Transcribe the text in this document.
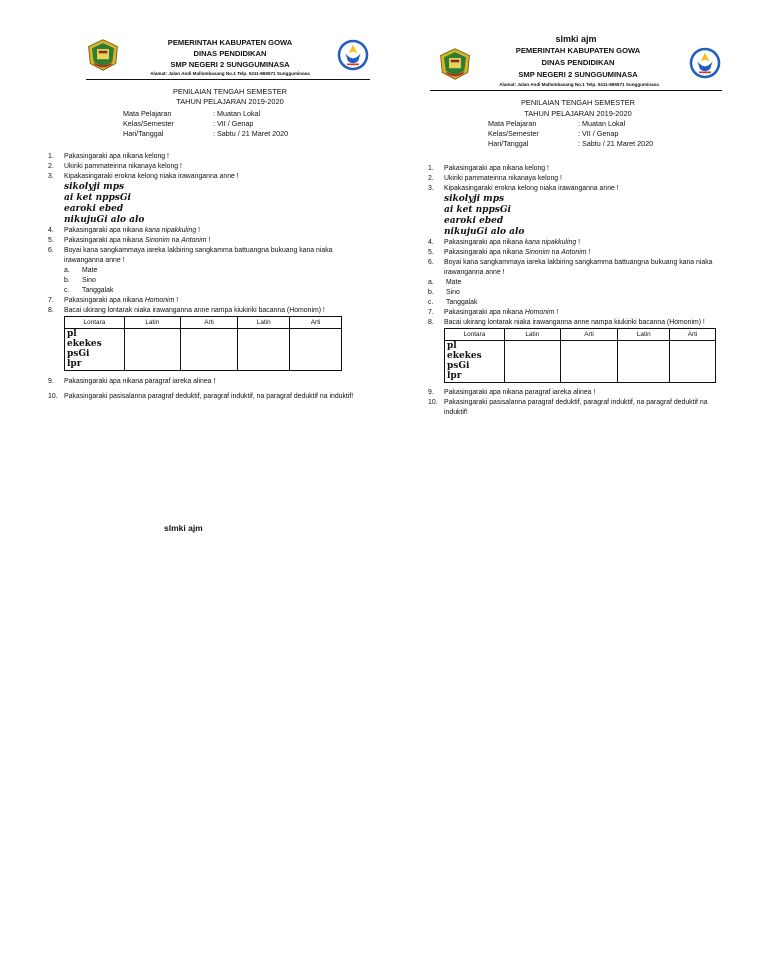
PEMERINTAH KABUPATEN GOWA
DINAS PENDIDIKAN
SMP NEGERI 2 SUNGGUMINASA
Alamat: Jalan Andi Mallombasang No.1 Telp. 0411-865571 Sungguminasa
PENILAIAN TENGAH SEMESTER
TAHUN PELAJARAN 2019-2020
Mata Pelajaran	: Muatan Lokal
Kelas/Semester	: VII / Genap
Hari/Tanggal	: Sabtu / 21 Maret 2020
1.	Pakasingaraki apa nikana kelong !
2.	Ukiriki pammateinna nikanaya kelong !
3.	Kipakasingaraki erokna kelong niaka irawanganna anne !
sikolyji mps
ai ket nppsGi
earoki ebed
nikujuGi alo alo
4.	Pakasingaraki apa nikana kana nipakkuling !
5.	Pakasingaraki apa nikana Sinonim na Antonim !
6.	Boyai kana sangkammaya iareka lakbiring sangkamma battuangna bukuang kana niaka irawanganna anne !
a.	Mate
b.	Sino
c.	Tanggalak
7.	Pakasingaraki apa nikana Homonim !
8.	Bacai ukirang lontarak niaka irawanganna anne nampa kiukiriki bacanna (Homonim) !
Lontara	Latin	Arti	Latin	Arti

pl
ekekes
psGi
lpr				

9.	Pakasingaraki apa nikana paragraf iareka alinea !
10. Pakasingaraki pasisalanna paragraf deduktif, paragraf induktif, na paragraf deduktif na induktif!
slmki ajm
slmki ajm
PEMERINTAH KABUPATEN GOWA
DINAS PENDIDIKAN
SMP NEGERI 2 SUNGGUMINASA
Alamat: Jalan Andi Mallombasang No.1 Telp. 0411-865571 Sungguminasa
PENILAIAN TENGAH SEMESTER
TAHUN PELAJARAN 2019-2020
Mata Pelajaran	: Muatan Lokal
Kelas/Semester	: VII / Genap
Hari/Tanggal	: Sabtu / 21 Maret 2020
1.	Pakasingaraki apa nikana kelong !
2.	Ukiriki pammateinna nikanaya kelong !
3.	Kipakasingaraki erokna kelong niaka irawanganna anne !
sikolyji mps
ai ket nppsGi
earoki ebed
nikujuGi alo alo
4.	Pakasingaraki apa nikana kana nipakkuling !
5.	Pakasingaraki apa nikana Sinonim na Antonim !
6.	Boyai kana sangkammaya iareka lakbiring sangkamma battuangna bukuang kana niaka irawanganna anne !
a.	Mate
b.	Sino
c.	Tanggalak
7.	Pakasingaraki apa nikana Homonim !
8.	Bacai ukirang lontarak niaka irawanganna anne nampa kiukiriki bacanna (Homonim) !
Lontara	Latin	Arti	Latin	Arti

pl
ekekes
psGi
lpr				

9.	Pakasingaraki apa nikana paragraf iareka alinea !
10. Pakasingaraki pasisalanna paragraf deduktif, paragraf induktif, na paragraf deduktif na induktif!
